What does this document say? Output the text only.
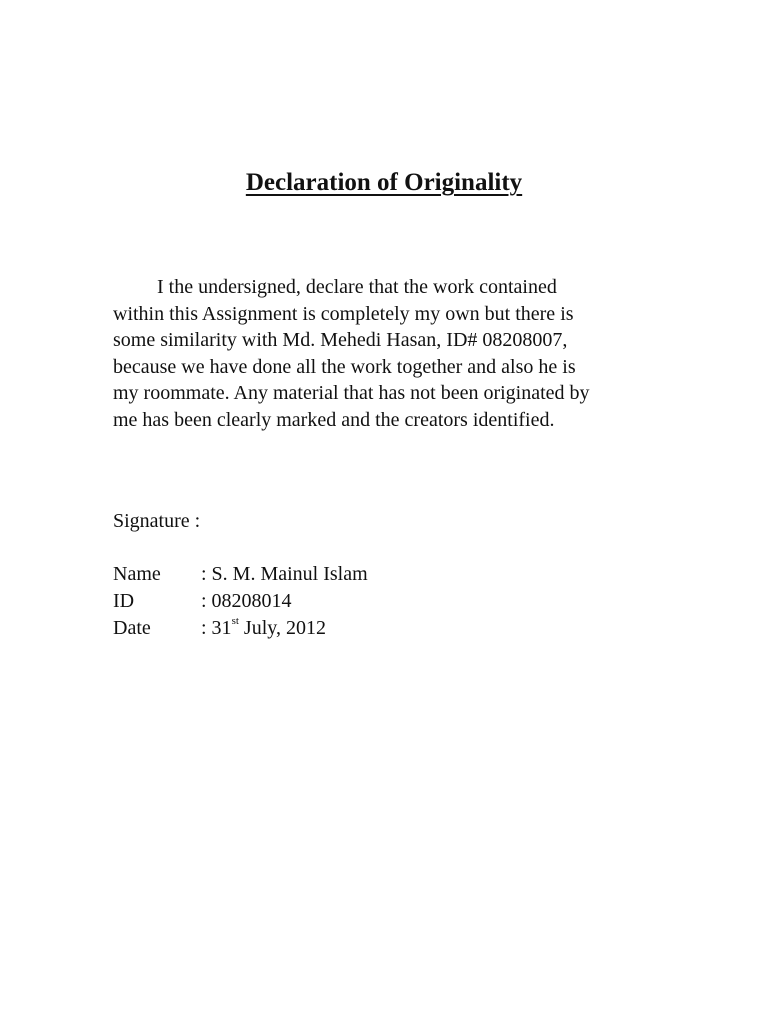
Declaration of Originality
I the undersigned, declare that the work contained
within this Assignment is completely my own but there is
some similarity with Md. Mehedi Hasan, ID# 08208007,
because we have done all the work together and also he is
my roommate. Any material that has not been originated by
me has been clearly marked and the creators identified.
Signature :
Name	: S. M. Mainul Islam
ID	: 08208014
Date	: 31st July, 2012
